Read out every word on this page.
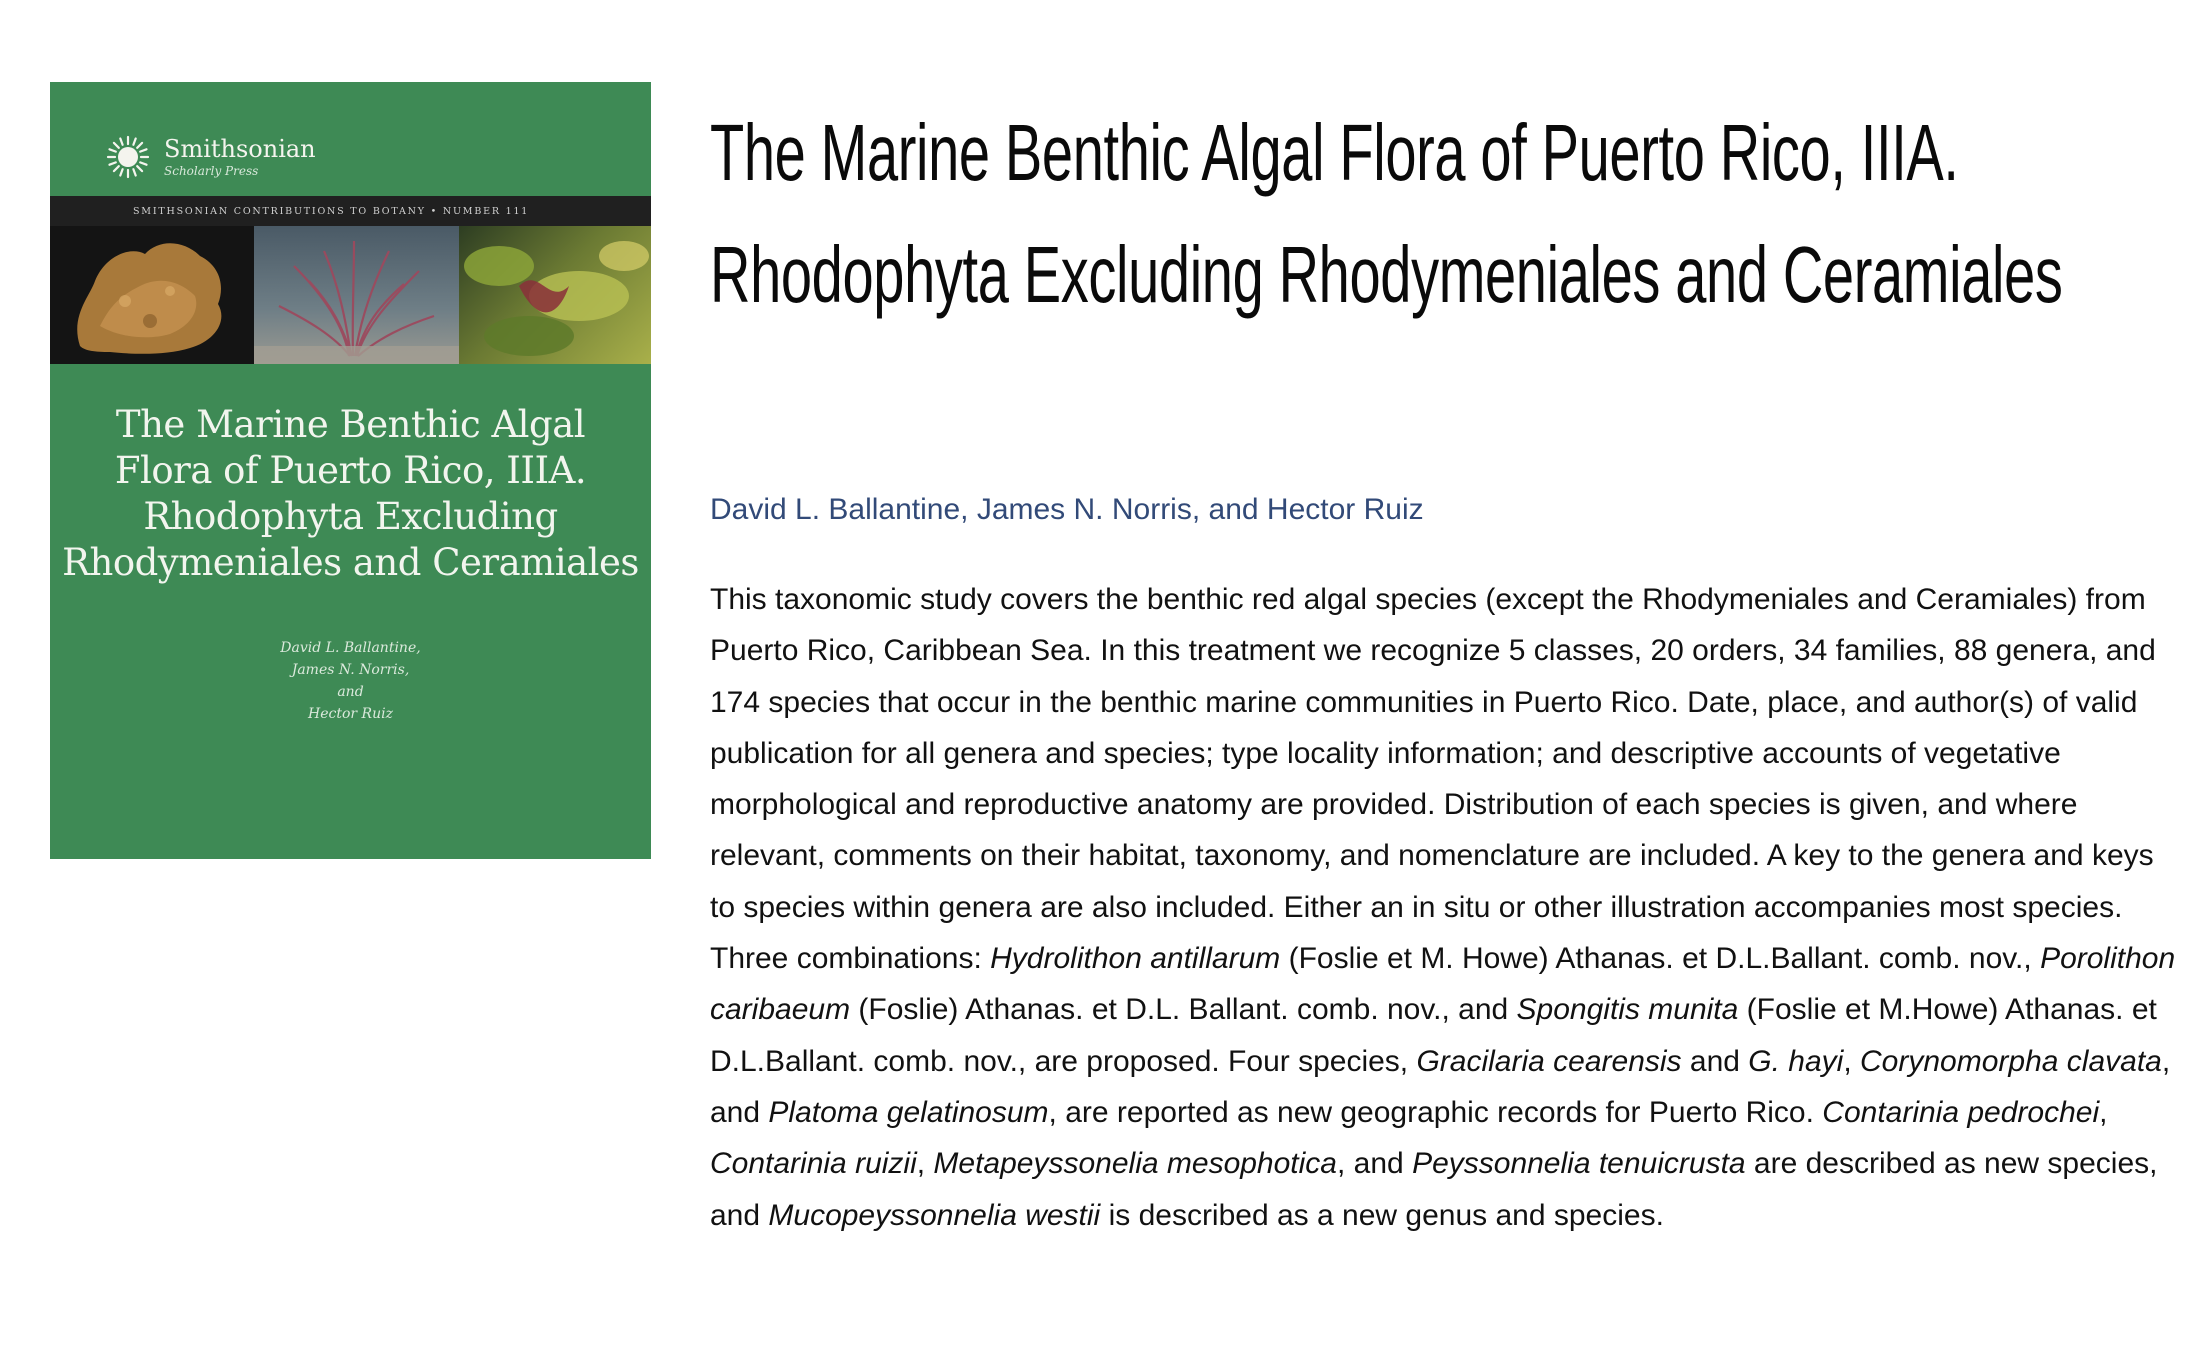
Smithsonian
Scholarly Press
SMITHSONIAN CONTRIBUTIONS TO BOTANY • NUMBER 111
The Marine Benthic Algal
Flora of Puerto Rico, IIIA.
Rhodophyta Excluding
Rhodymeniales and Ceramiales
David L. Ballantine,
James N. Norris,
and
Hector Ruiz
The Marine Benthic Algal Flora of Puerto Rico, IIIA. Rhodophyta Excluding Rhodymeniales and Ceramiales
David L. Ballantine, James N. Norris, and Hector Ruiz

This taxonomic study covers the benthic red algal species (except the Rhodymeniales and Ceramiales) from Puerto Rico, Caribbean Sea. In this treatment we recognize 5 classes, 20 orders, 34 families, 88 genera, and 174 species that occur in the benthic marine communities in Puerto Rico. Date, place, and author(s) of valid publication for all genera and species; type locality information; and descriptive accounts of vegetative morphological and reproductive anatomy are provided. Distribution of each species is given, and where relevant, comments on their habitat, taxonomy, and nomenclature are included. A key to the genera and keys to species within genera are also included. Either an in situ or other illustration accompanies most species. Three combinations: Hydrolithon antillarum (Foslie et M. Howe) Athanas. et D.L.Ballant. comb. nov., Porolithon caribaeum (Foslie) Athanas. et D.L. Ballant. comb. nov., and Spongitis munita (Foslie et M.Howe) Athanas. et D.L.Ballant. comb. nov., are proposed. Four species, Gracilaria cearensis and G. hayi, Corynomorpha clavata, and Platoma gelatinosum, are reported as new geographic records for Puerto Rico. Contarinia pedrochei, Contarinia ruizii, Metapeyssonelia mesophotica, and Peyssonnelia tenuicrusta are described as new species, and Mucopeyssonnelia westii is described as a new genus and species.
